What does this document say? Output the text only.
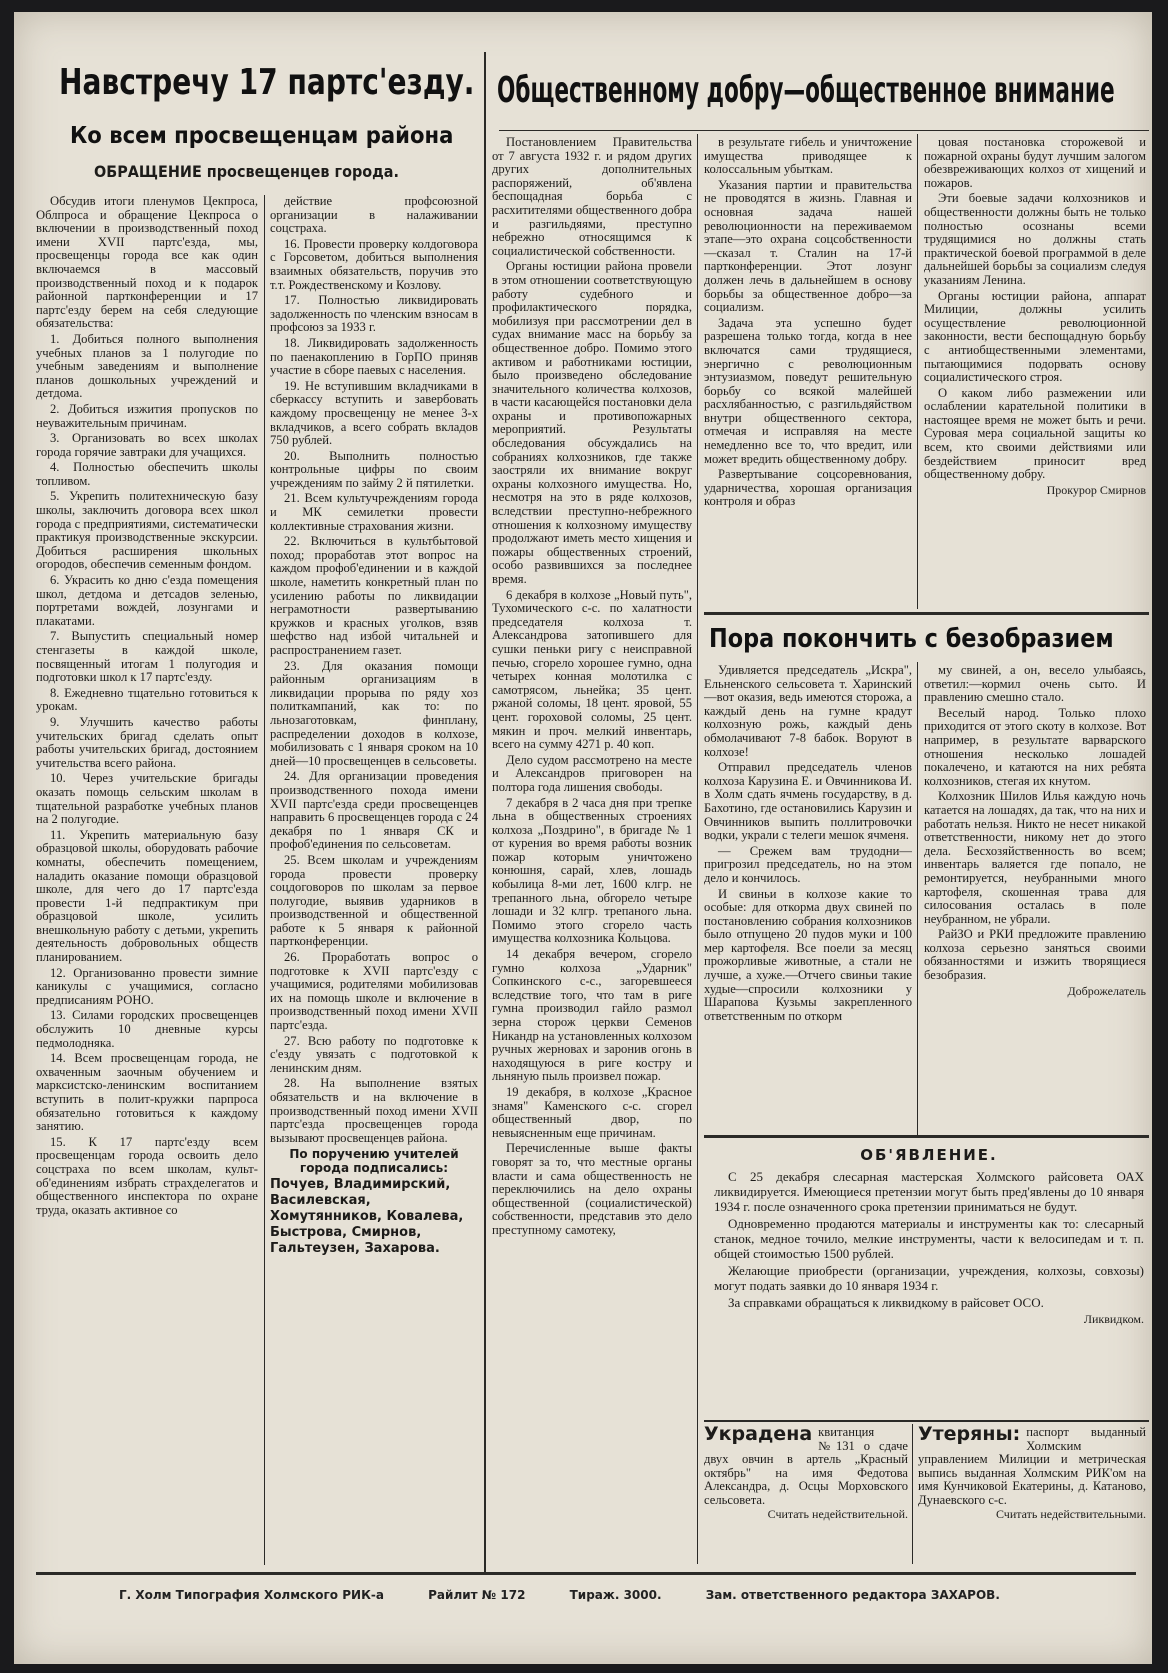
Навстречу 17 партс'езду.
Ко всем просвещенцам района
ОБРАЩЕНИЕ просвещенцев города.
Общественному добру—общественное внимание

Обсудив итоги пленумов Цекпроса, Облпроса и обращение Цекпроса о включении в производственный поход имени XVII партс'езда, мы, просвещенцы города все как один включаемся в массовый производственный поход и к подарок районной партконференции и 17 партс'езду берем на себя следующие обязательства:

1. Добиться полного выполнения учебных планов за 1 полугодие по учебным заведениям и выполнение планов дошкольных учреждений и детдома.

2. Добиться изжития пропусков по неуважительным причинам.

3. Организовать во всех школах города горячие завтраки для учащихся.

4. Полностью обеспечить школы топливом.

5. Укрепить политехническую базу школы, заключить договора всех школ города с предприятиями, систематически практикуя производственные экскурсии. Добиться расширения школьных огородов, обеспечив семенным фондом.

6. Украсить ко дню с'езда помещения школ, детдома и детсадов зеленью, портретами вождей, лозунгами и плакатами.

7. Выпустить специальный номер стенгазеты в каждой школе, посвященный итогам 1 полугодия и подготовки школ к 17 партс'езду.

8. Ежедневно тщательно готовиться к урокам.

9. Улучшить качество работы учительских бригад сделать опыт работы учительских бригад, достоянием учительства всего района.

10. Через учительские бригады оказать помощь сельским школам в тщательной разработке учебных планов на 2 полугодие.

11. Укрепить материальную базу образцовой школы, оборудовать рабочие комнаты, обеспечить помещением, наладить оказание помощи образцовой школе, для чего до 17 партс'езда провести 1-й педпрактикум при образцовой школе, усилить внешкольную работу с детьми, укрепить деятельность добровольных обществ планированием.

12. Организованно провести зимние каникулы с учащимися, согласно предписаниям РОНО.

13. Силами городских просвещенцев обслужить 10 дневные курсы педмолодняка.

14. Всем просвещенцам города, не охваченным заочным обучением и марксистско-ленинским воспитанием вступить в полит-кружки парпроса обязательно готовиться к каждому занятию.

15. К 17 партс'езду всем просвещенцам города освоить дело соцстраха по всем школам, культ-об'единениям избрать страхделегатов и общественного инспектора по охране труда, оказать активное со

действие профсоюзной организации в налаживании соцстраха.

16. Провести проверку колдоговора с Горсоветом, добиться выполнения взаимных обязательств, поручив это т.т. Рождественскому и Козлову.

17. Полностью ликвидировать задолженность по членским взносам в профсоюз за 1933 г.

18. Ликвидировать задолженность по паенакоплению в ГорПО приняв участие в сборе паевых с населения.

19. Не вступившим вкладчиками в сберкассу вступить и завербовать каждому просвещенцу не менее 3-х вкладчиков, а всего собрать вкладов 750 рублей.

20. Выполнить полностью контрольные цифры по своим учреждениям по займу 2 й пятилетки.

21. Всем культучреждениям города и МК семилетки провести коллективные страхования жизни.

22. Включиться в культбытовой поход; проработав этот вопрос на каждом профоб'единении и в каждой школе, наметить конкретный план по усилению работы по ликвидации неграмотности развертыванию кружков и красных уголков, взяв шефство над избой читальней и распространением газет.

23. Для оказания помощи районным организациям в ликвидации прорыва по ряду хоз политкампаний, как то: по льнозаготовкам, финплану, распределении доходов в колхозе, мобилизовать с 1 января сроком на 10 дней—10 просвещенцев в сельсоветы.

24. Для организации проведения производственного похода имени XVII партс'езда среди просвещенцев направить 6 просвещенцев города с 24 декабря по 1 января СК и профоб'единения по сельсоветам.

25. Всем школам и учреждениям города провести проверку соцдоговоров по школам за первое полугодие, выявив ударников в производственной и общественной работе к 5 января к районной партконференции.

26. Проработать вопрос о подготовке к XVII партс'езду с учащимися, родителями мобилизовав их на помощь школе и включение в производственный поход имени XVII партс'езда.

27. Всю работу по подготовке к с'езду увязать с подготовкой к ленинским дням.

28. На выполнение взятых обязательств и на включение в производственный поход имени XVII партс'езда просвещенцев города вызывают просвещенцев района.

По поручению учителей города подписались:

Почуев, Владимирский, Василевская, Хомутянников, Ковалева, Быстрова, Смирнов, Гальтеузен, Захарова.

Постановлением Правительства от 7 августа 1932 г. и рядом других других дополнительных распоряжений, об'явлена беспощадная борьба с расхитителями общественного добра и разгильдяями, преступно небрежно относящимся к социалистической собственности.

Органы юстиции района провели в этом отношении соответствующую работу судебного и профилактического порядка, мобилизуя при рассмотрении дел в судах внимание масс на борьбу за общественное добро. Помимо этого активом и работниками юстиции, было произведено обследование значительного количества колхозов, в части касающейся постановки дела охраны и противопожарных мероприятий. Результаты обследования обсуждались на собраниях колхозников, где также заостряли их внимание вокруг охраны колхозного имущества. Но, несмотря на это в ряде колхозов, вследствии преступно-небрежного отношения к колхозному имуществу продолжают иметь место хищения и пожары общественных строений, особо развившихся за последнее время.

6 декабря в колхозе „Новый путь", Тухомического с-с. по халатности председателя колхоза т. Александрова затопившего для сушки пеньки ригу с неисправной печью, сгорело хорошее гумно, одна четырех конная молотилка с самотрясом, льнейка; 35 цент. ржаной соломы, 18 цент. яровой, 55 цент. гороховой соломы, 25 цент. мякин и проч. мелкий инвентарь, всего на сумму 4271 р. 40 коп.

Дело судом рассмотрено на месте и Александров приговорен на полтора года лишения свободы.

7 декабря в 2 часа дня при трепке льна в общественных строениях колхоза „Поздрино", в бригаде № 1 от курения во время работы возник пожар которым уничтожено конюшня, сарай, хлев, лошадь кобылица 8-ми лет, 1600 клгр. не трепанного льна, обгорело четыре лошади и 32 клгр. трепаного льна. Помимо этого сгорело часть имущества колхозника Кольцова.

14 декабря вечером, сгорело гумно колхоза „Ударник" Сопкинского с-с., загоревшееся вследствие того, что там в риге гумна производил гайло размол зерна сторож церкви Семенов Никандр на установленных колхозом ручных жерновах и заронив огонь в находящуюся в риге кострy и льняную пыль произвел пожар.

19 декабря, в колхозе „Красное знамя" Каменского с-с. сгорел общественный двор, по невыясненным еще причинам.

Перечисленные выше факты говорят за то, что местные органы власти и сама общественность не переключились на дело охраны общественной (социалистической) собственности, представив это дело преступному самотеку,

в результате гибель и уничтожение имущества приводящее к колоссальным убыткам.

Указания партии и правительства не проводятся в жизнь. Главная и основная задача нашей революционности на переживаемом этапе—это охрана соцсобственности—сказал т. Сталин на 17-й партконференции. Этот лозунг должен лечь в дальнейшем в основу борьбы за общественное добро—за социализм.

Задача эта успешно будет разрешена только тогда, когда в нее включатся сами трудящиеся, энергично с революционным энтузиазмом, поведут решительную борьбу со всякой малейшей расхлябанностью, с разгильдяйством внутри общественного сектора, отмечая и исправляя на месте немедленно все то, что вредит, или может вредить общественному добру.

Развертывание соцсоревнования, ударничества, хорошая организация контроля и образ

цовая постановка сторожевой и пожарной охраны будут лучшим залогом обезвреживающих колхоз от хищений и пожаров.

Эти боевые задачи колхозников и общественности должны быть не только полностью осознаны всеми трудящимися но должны стать практической боевой программой в деле дальнейшей борьбы за социализм следуя указаниям Ленина.

Органы юстиции района, аппарат Милиции, должны усилить осуществление революционной законности, вести беспощадную борьбу с антиобщественными элементами, пытающимися подорвать основу социалистического строя.

О каком либо размежении или ослаблении карательной политики в настоящее время не может быть и речи. Суровая мера социальной защиты ко всем, кто своими действиями или бездействием приносит вред общественному добру.

Прокурор Смирнов

Пора покончить с безобразием

Удивляется председатель „Искра", Ельненского сельсовета т. Харинский—вот оказия, ведь имеются сторожа, а каждый день на гумне крадут колхозную рожь, каждый день обмолачивают 7-8 бабок. Воруют в колхозе!

Отправил председатель членов колхоза Карузина Е. и Овчинникова И. в Холм сдать ячмень государству, в д. Бахотино, где остановились Карузин и Овчинников выпить поллитровочки водки, украли с телеги мешок ячменя.

— Срежем вам трудодни—пригрозил председатель, но на этом дело и кончилось.

И свиньи в колхозе какие то особые: для откорма двух свиней по постановлению собрания колхозников было отпущено 20 пудов муки и 100 мер картофеля. Все поели за месяц прожорливые животные, а стали не лучше, а хуже.—Отчего свиньи такие худые—спросили колхозники у Шарапова Кузьмы закрепленного ответственным по откорм

му свиней, а он, весело улыбаясь, ответил:—кормил очень сыто. И правлению смешно стало.

Веселый народ. Только плохо приходится от этого скоту в колхозе. Вот например, в результате варварского отношения несколько лошадей покалечено, и катаются на них ребята колхозников, стегая их кнутом.

Колхозник Шилов Илья каждую ночь катается на лошадях, да так, что на них и работать нельзя. Никто не несет никакой ответственности, никому нет до этого дела. Бесхозяйственность во всем; инвентарь валяется где попало, не ремонтируется, неубранными много картофеля, скошенная трава для силосования осталась в поле неубранном, не убрали.

РайЗО и РКИ предложите правлению колхоза серьезно заняться своими обязанностями и изжить творящиеся безобразия.

Доброжелатель

ОБ'ЯВЛЕНИЕ.

С 25 декабря слесарная мастерская Холмского райсовета ОАХ ликвидируется. Имеющиеся претензии могут быть пред'явлены до 10 января 1934 г. после означенного срока претензии приниматься не будут.

Одновременно продаются материалы и инструменты как то: слесарный станок, медное точило, мелкие инструменты, части к велосипедам и т. п. общей стоимостью 1500 рублей.

Желающие приобрести (организации, учреждения, колхозы, совхозы) могут подать заявки до 10 января 1934 г.

За справками обращаться к ликвидкому в райсовет ОСО.

Ликвидком.

Украдена квитанция №131 о сдаче двух овчин в артель „Красный октябрь" на имя Федотова Александра, д. Осцы Морховского сельсовета.

Считать недействительной.

Утеряны: паспорт выданный Холмским управлением Милиции и метрическая выпись выданная Холмским РИК'ом на имя Кунчиковой Екатерины, д. Катаново, Дунаевского с-с.

Считать недействительными.

Г. Холм Типография Холмского РИК-а	Райлит № 172	Тираж. 3000.	Зам. ответственного редактора ЗАХАРОВ.
